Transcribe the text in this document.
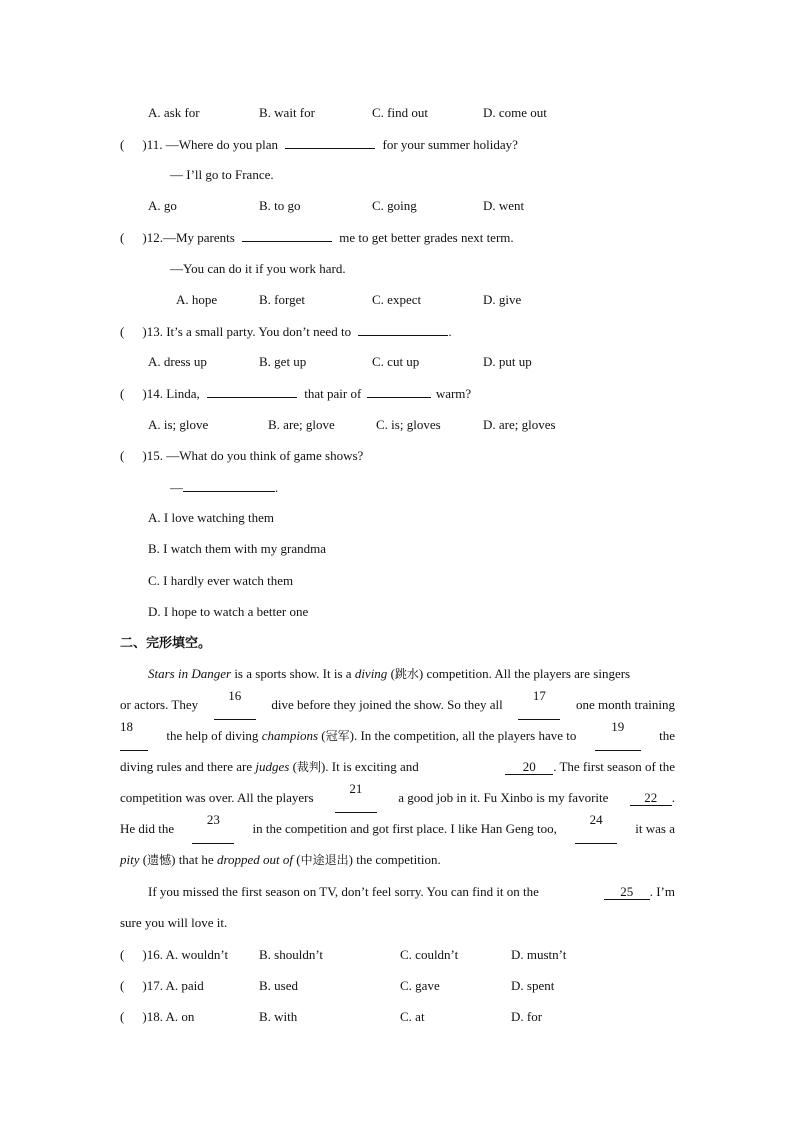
A. ask for	B. wait for	C. find out	D. come out
( )11. —Where do you plan	for your summer holiday?
— I’ll go to France.
A. go	B. to go	C. going	D. went
( )12.—My parents	me to get better grades next term.
—You can do it if you work hard.
A. hope	B. forget	C. expect	D. give
( )13. It’s a small party. You don’t need to	.
A. dress up	B. get up	C. cut up	D. put up
( )14. Linda,	that pair of	warm?
A. is; glove	B. are; glove	C. is; gloves	D. are; gloves
( )15. —What do you think of game shows?
—	.
A. I love watching them
B. I watch them with my grandma
C. I hardly ever watch them
D. I hope to watch a better one
二、完形填空。
Stars in Danger is a sports show. It is a diving (跳水) competition. All the players are singers
or actors. They
16
dive before they joined the show. So they all
17
one month training
18
the help of diving champions (冠军). In the competition, all the players have to
19
the
diving rules and there are judges (裁判). It is exciting and	20 . The first season of the
competition was over. All the players
21
a good job in it. Fu Xinbo is my favorite	22 .
He did the
23
in the competition and got first place. I like Han Geng too,
24
it was a
pity (遗憾) that he dropped out of (中途退出) the competition.
If you missed the first season on TV, don’t feel sorry. You can find it on the	25 . I’m
sure you will love it.
( )16. A. wouldn’t B. shouldn’t	C. couldn’t	D. mustn’t
( )17. A. paid	B. used	C. gave	D. spent
( )18. A. on	B. with	C. at	D. for
